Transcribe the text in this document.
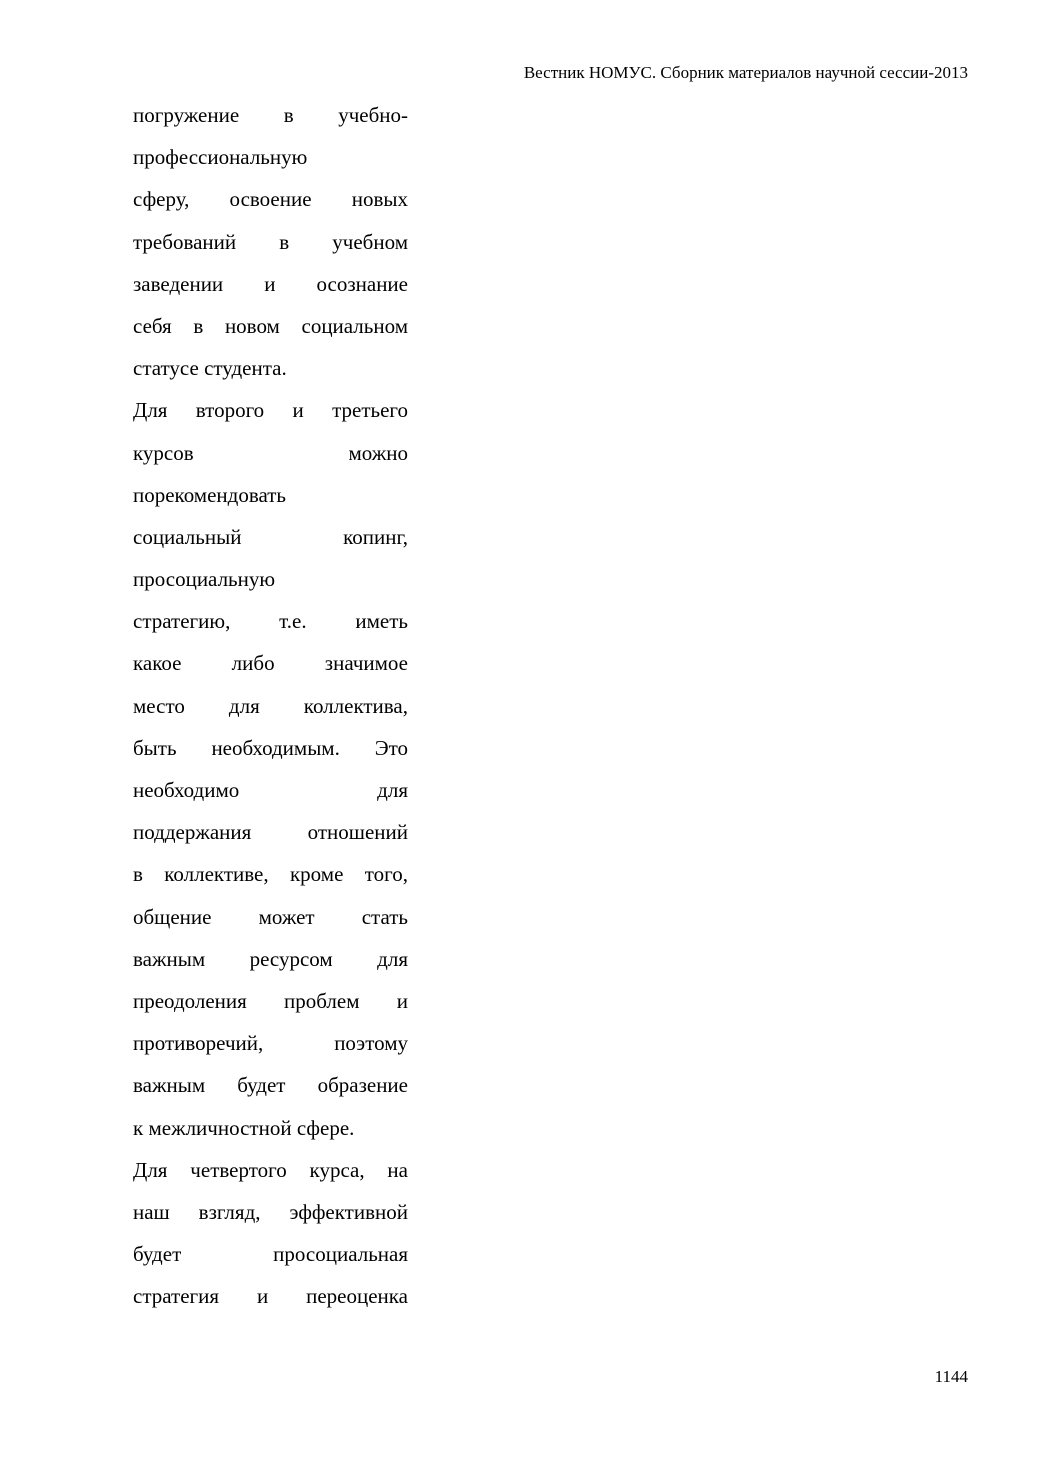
Вестник НОМУС. Сборник материалов научной сессии-2013
погружение в учебно-
профессиональную
сферу, освоение новых
требований в учебном
заведении и осознание
себя в новом социальном
статусе студента.
Для второго и третьего
курсов можно
порекомендовать
социальный копинг,
просоциальную
стратегию, т.е. иметь
какое либо значимое
место для коллектива,
быть необходимым. Это
необходимо для
поддержания отношений
в коллективе, кроме того,
общение может стать
важным ресурсом для
преодоления проблем и
противоречий, поэтому
важным будет образение
к межличностной сфере.
Для четвертого курса, на
наш взгляд, эффективной
будет просоциальная
стратегия и переоценка
1144
